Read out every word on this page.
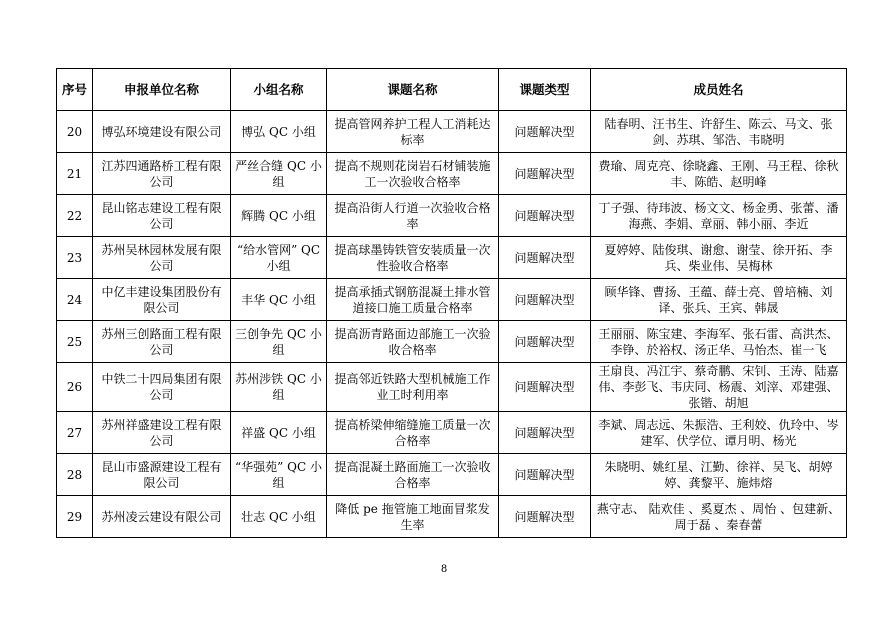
序号	申报单位名称	小组名称	课题名称	课题类型	成员姓名
20	博弘环境建设有限公司	博弘 QC 小组	提高管网养护工程人工消耗达标率	问题解决型	陆春明、汪书生、许舒生、陈云、马文、张剑、苏琪、邹浩、韦晓明
21	江苏四通路桥工程有限公司	严丝合缝 QC 小组	提高不规则花岗岩石材铺装施工一次验收合格率	问题解决型	费瑜、周克亮、徐晓鑫、王刚、马王程、徐秋丰、陈皓、赵明峰
22	昆山铭志建设工程有限公司	辉腾 QC 小组	提高沿街人行道一次验收合格率	问题解决型	丁子强、待玮波、杨文文、杨金勇、张蕾、潘海燕、李娟、章丽、韩小丽、李近
23	苏州吴林园林发展有限公司	“给水管网” QC 小组	提高球墨铸铁管安装质量一次性验收合格率	问题解决型	夏婷婷、陆俊琪、谢愈、谢莹、徐开拓、李兵、柴业伟、吴梅林
24	中亿丰建设集团股份有限公司	丰华 QC 小组	提高承插式钢筋混凝土排水管道接口施工质量合格率	问题解决型	顾华锋、曹扬、王蕴、薛士亮、曾培楠、刘译、张兵、王宾、韩晟
25	苏州三创路面工程有限公司	三创争先 QC 小组	提高沥青路面边部施工一次验收合格率	问题解决型	王丽丽、陈宝建、李海军、张石雷、高洪杰、李铮、於裕权、汤正华、马怡杰、崔一飞
26	中铁二十四局集团有限公司	苏州涉铁 QC 小组	提高邻近铁路大型机械施工作业工时利用率	问题解决型	王扇良、冯江宇、蔡奇鹏、宋钊、王涛、陆嘉伟、李彭飞、韦庆同、杨震、刘滓、邓建强、张锴、胡旭
27	苏州祥盛建设工程有限公司	祥盛 QC 小组	提高桥梁伸缩缝施工质量一次合格率	问题解决型	李斌、周志远、朱振浩、王利姣、仇玲中、岑建军、伏学位、谭月明、杨光
28	昆山市盛源建设工程有限公司	“华强苑” QC 小组	提高混凝土路面施工一次验收合格率	问题解决型	朱晓明、姚红星、江勤、徐祥、吴飞、胡婷婷、龚黎平、施炜熔
29	苏州凌云建设有限公司	壮志 QC 小组	降低 pe 拖管施工地面冒浆发生率	问题解决型	燕守志、 陆欢佳 、奚夏杰 、周怡 、包建新、 周于磊 、秦春蕾
8
